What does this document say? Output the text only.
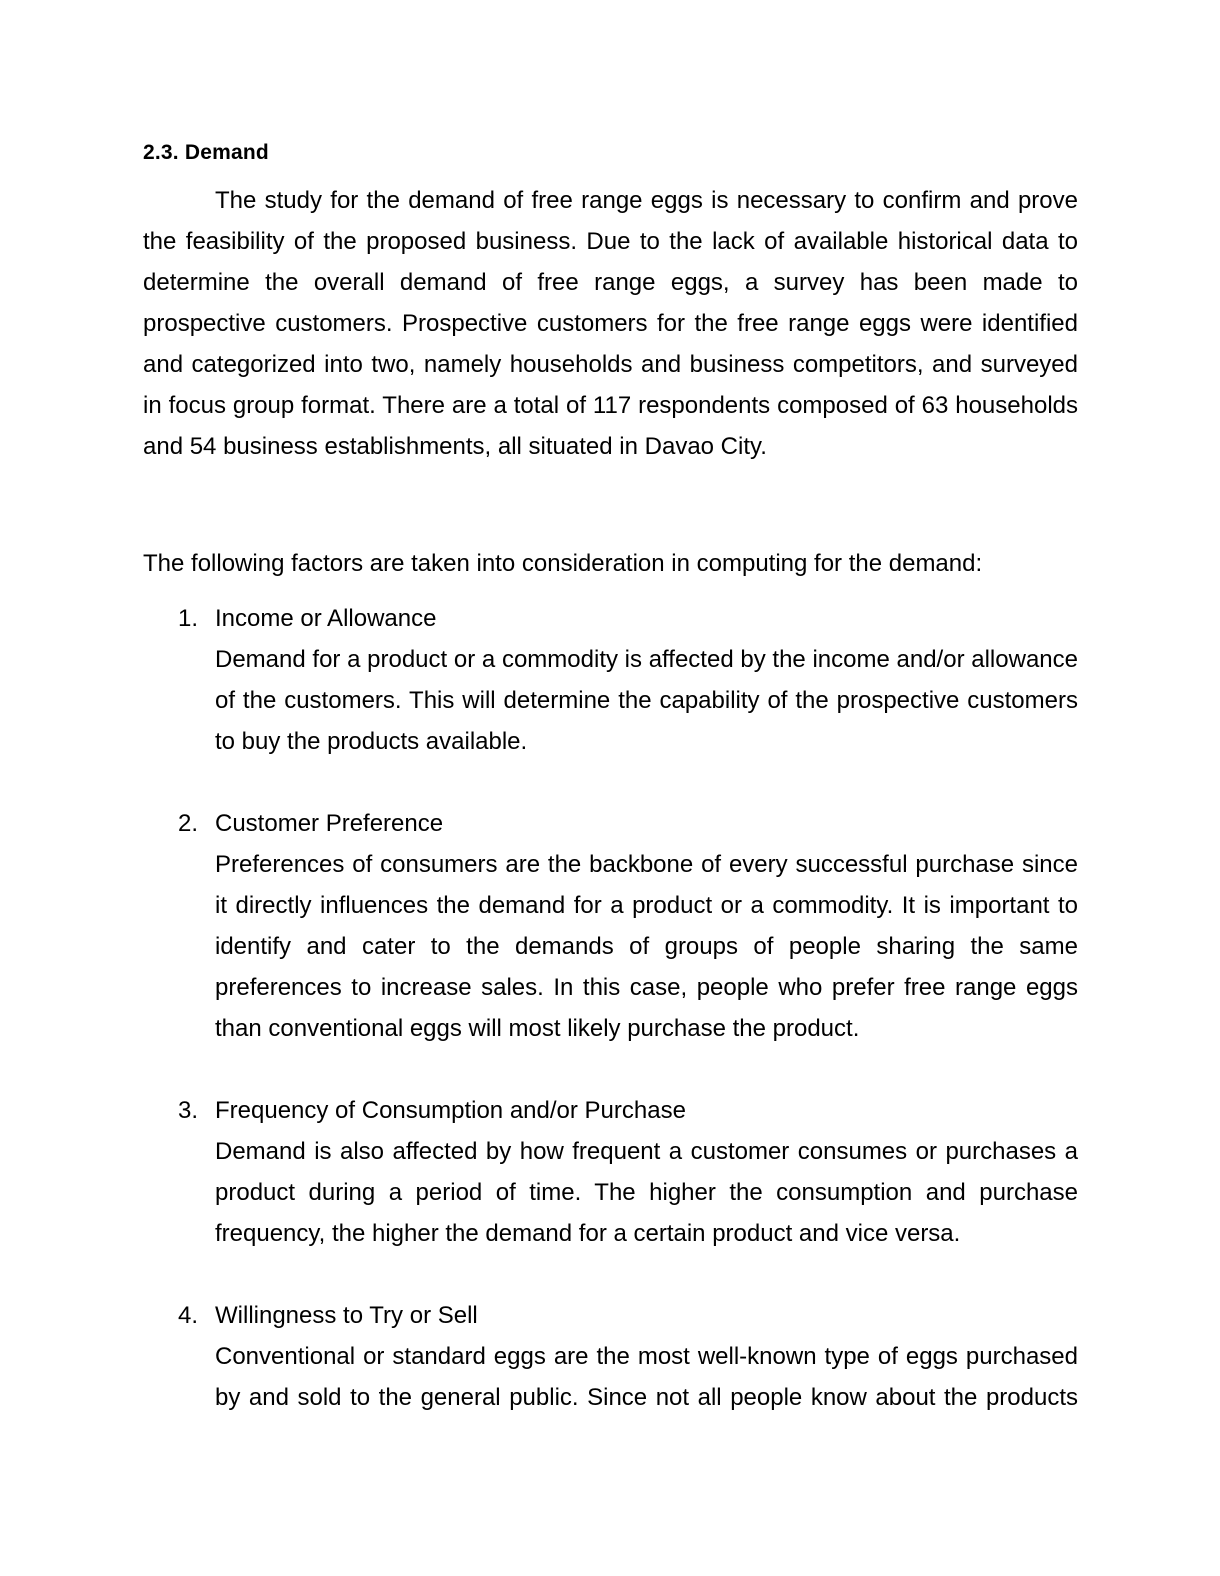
2.3. Demand
The study for the demand of free range eggs is necessary to confirm and prove
the feasibility of the proposed business. Due to the lack of available historical data to
determine the overall demand of free range eggs, a survey has been made to
prospective customers. Prospective customers for the free range eggs were identified
and categorized into two, namely households and business competitors, and surveyed
in focus group format. There are a total of 117 respondents composed of 63 households
and 54 business establishments, all situated in Davao City.
The following factors are taken into consideration in computing for the demand:
1. Income or Allowance
Demand for a product or a commodity is affected by the income and/or allowance
of the customers. This will determine the capability of the prospective customers
to buy the products available.
2. Customer Preference
Preferences of consumers are the backbone of every successful purchase since
it directly influences the demand for a product or a commodity. It is important to
identify and cater to the demands of groups of people sharing the same
preferences to increase sales. In this case, people who prefer free range eggs
than conventional eggs will most likely purchase the product.
3. Frequency of Consumption and/or Purchase
Demand is also affected by how frequent a customer consumes or purchases a
product during a period of time. The higher the consumption and purchase
frequency, the higher the demand for a certain product and vice versa.
4. Willingness to Try or Sell
Conventional or standard eggs are the most well-known type of eggs purchased
by and sold to the general public. Since not all people know about the products
